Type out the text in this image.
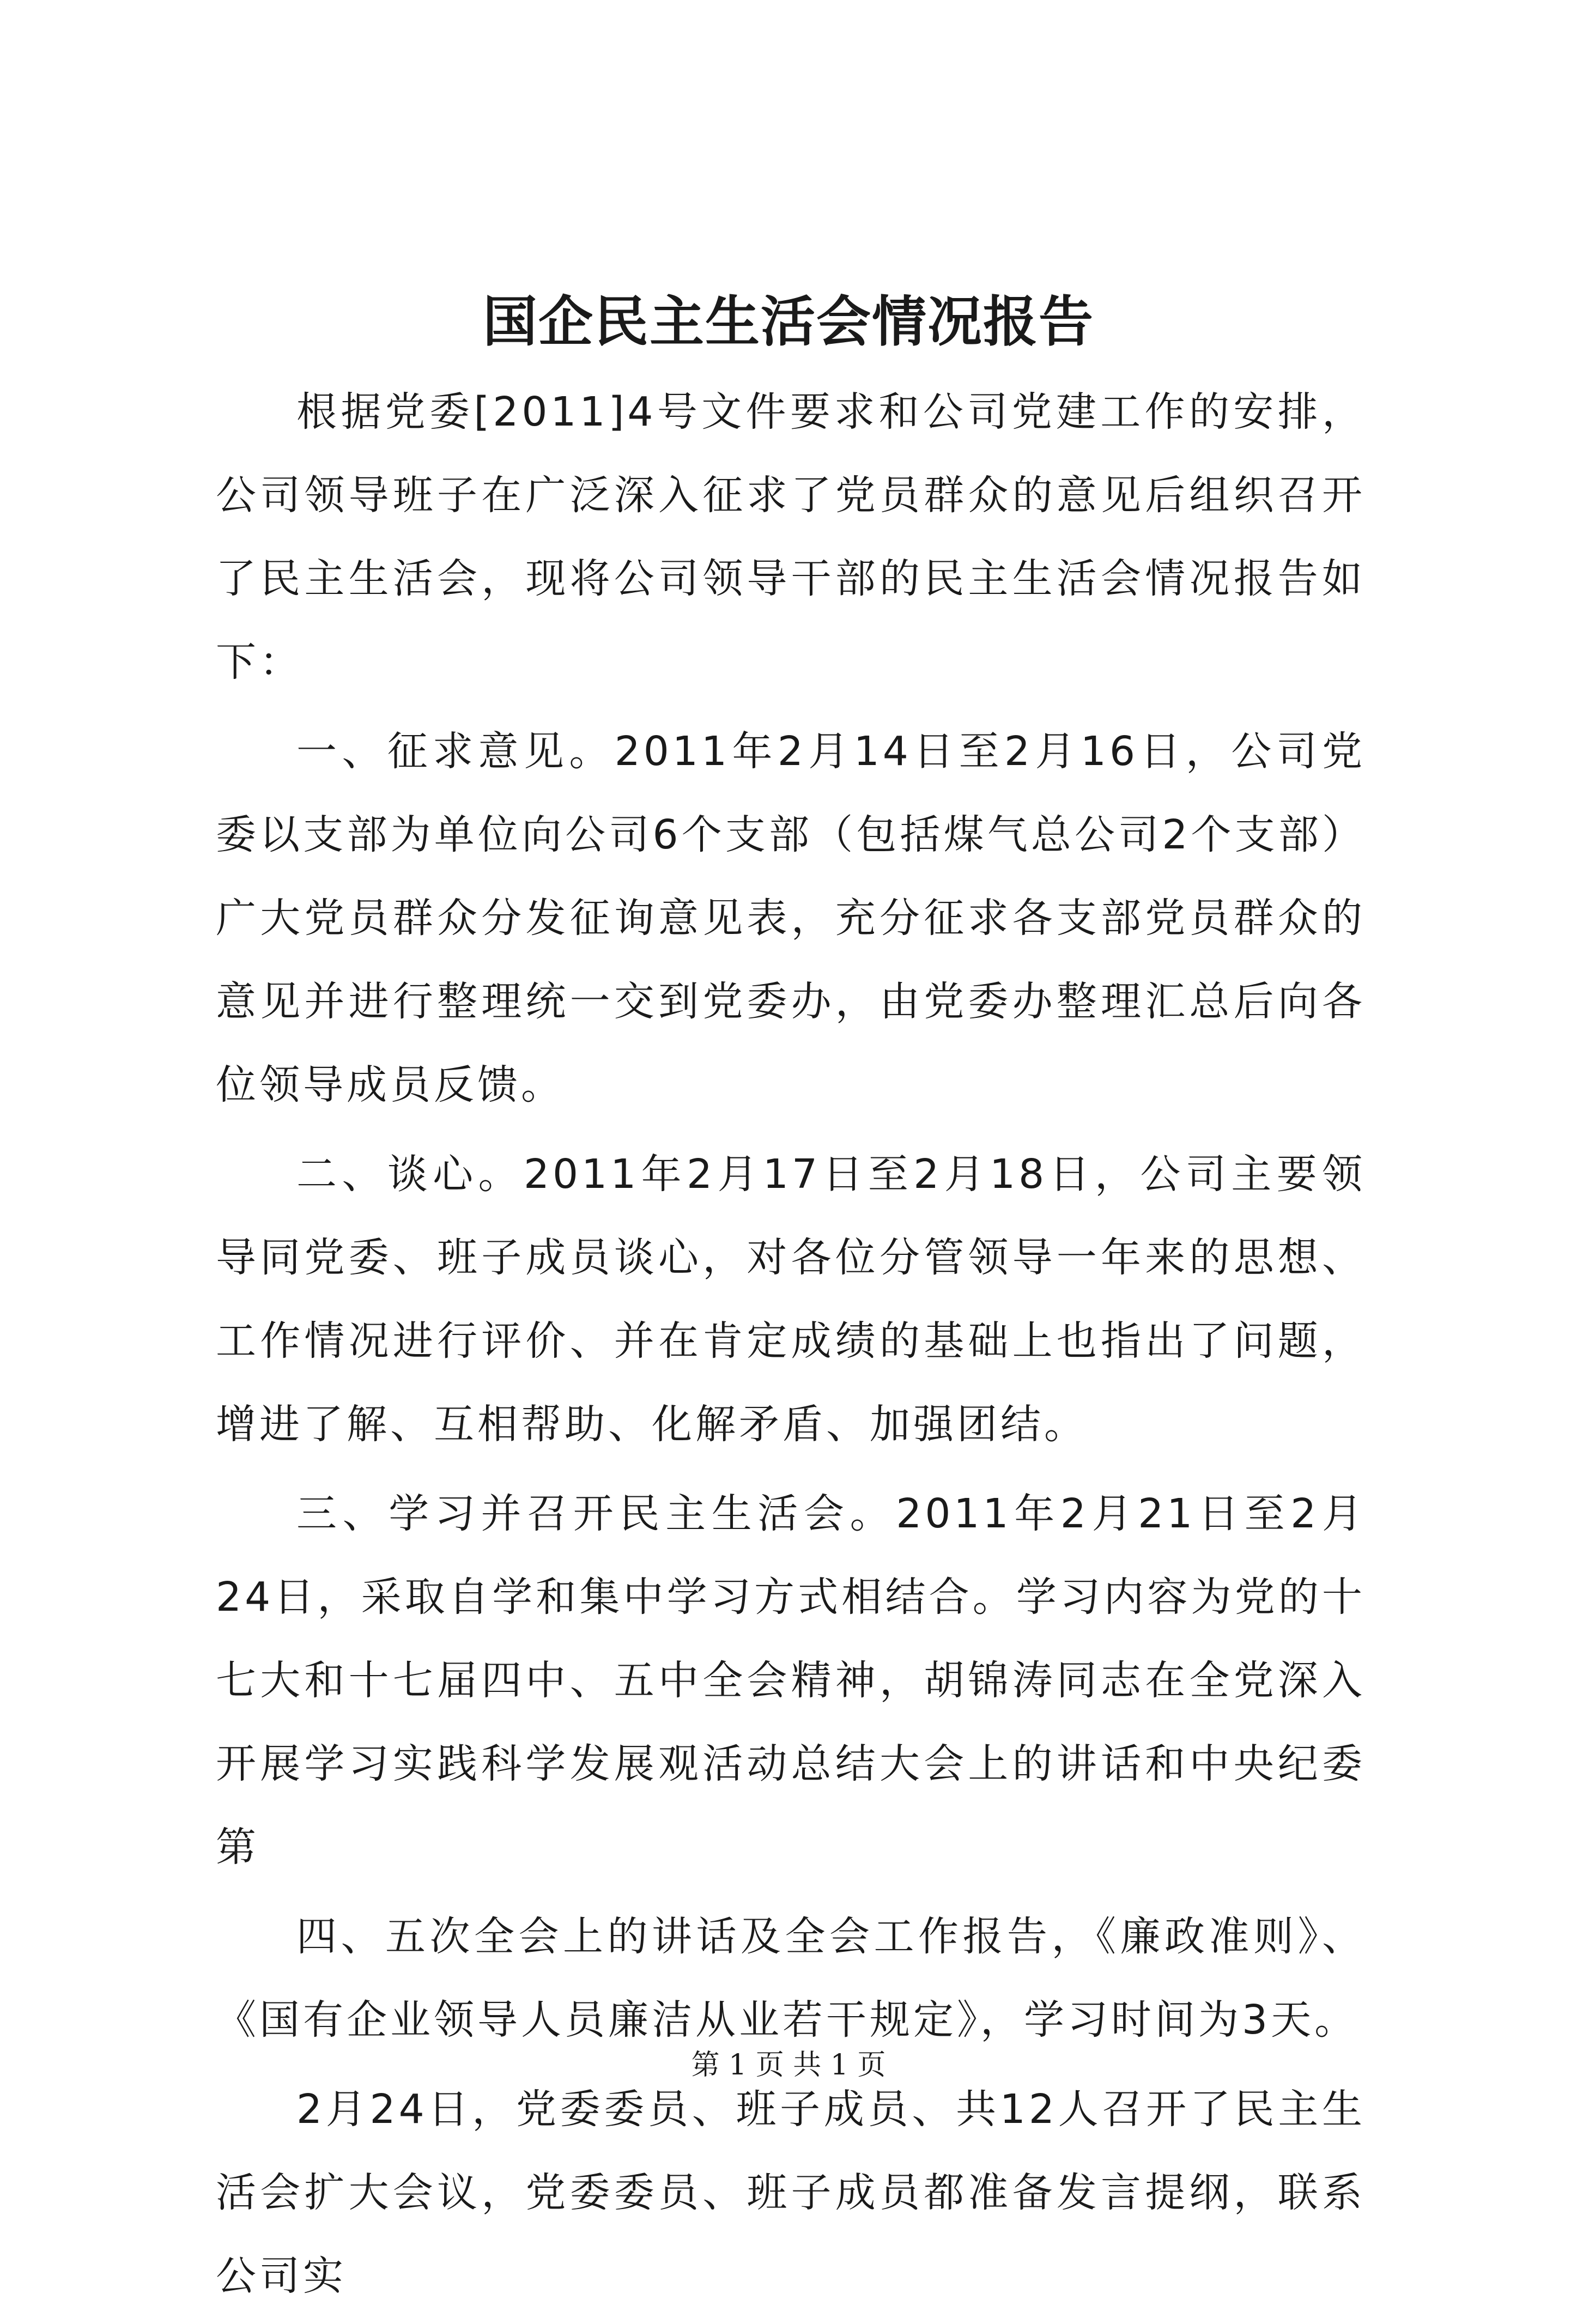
国企民主生活会情况报告

根据党委[2011]4号文件要求和公司党建工作的安排，公司领导班子在广泛深入征求了党员群众的意见后组织召开了民主生活会，现将公司领导干部的民主生活会情况报告如下：

一、征求意见。2011年2月14日至2月16日，公司党委以支部为单位向公司6个支部（包括煤气总公司2个支部）广大党员群众分发征询意见表，充分征求各支部党员群众的意见并进行整理统一交到党委办，由党委办整理汇总后向各位领导成员反馈。

二、谈心。2011年2月17日至2月18日，公司主要领导同党委、班子成员谈心，对各位分管领导一年来的思想、工作情况进行评价、并在肯定成绩的基础上也指出了问题，增进了解、互相帮助、化解矛盾、加强团结。

三、学习并召开民主生活会。2011年2月21日至2月24日，采取自学和集中学习方式相结合。学习内容为党的十七大和十七届四中、五中全会精神，胡锦涛同志在全党深入开展学习实践科学发展观活动总结大会上的讲话和中央纪委第

四、五次全会上的讲话及全会工作报告，《廉政准则》、《国有企业领导人员廉洁从业若干规定》，学习时间为3天。

2月24日，党委委员、班子成员、共12人召开了民主生活会扩大会议，党委委员、班子成员都准备发言提纲，联系公司实

第 1 页 共 1 页
